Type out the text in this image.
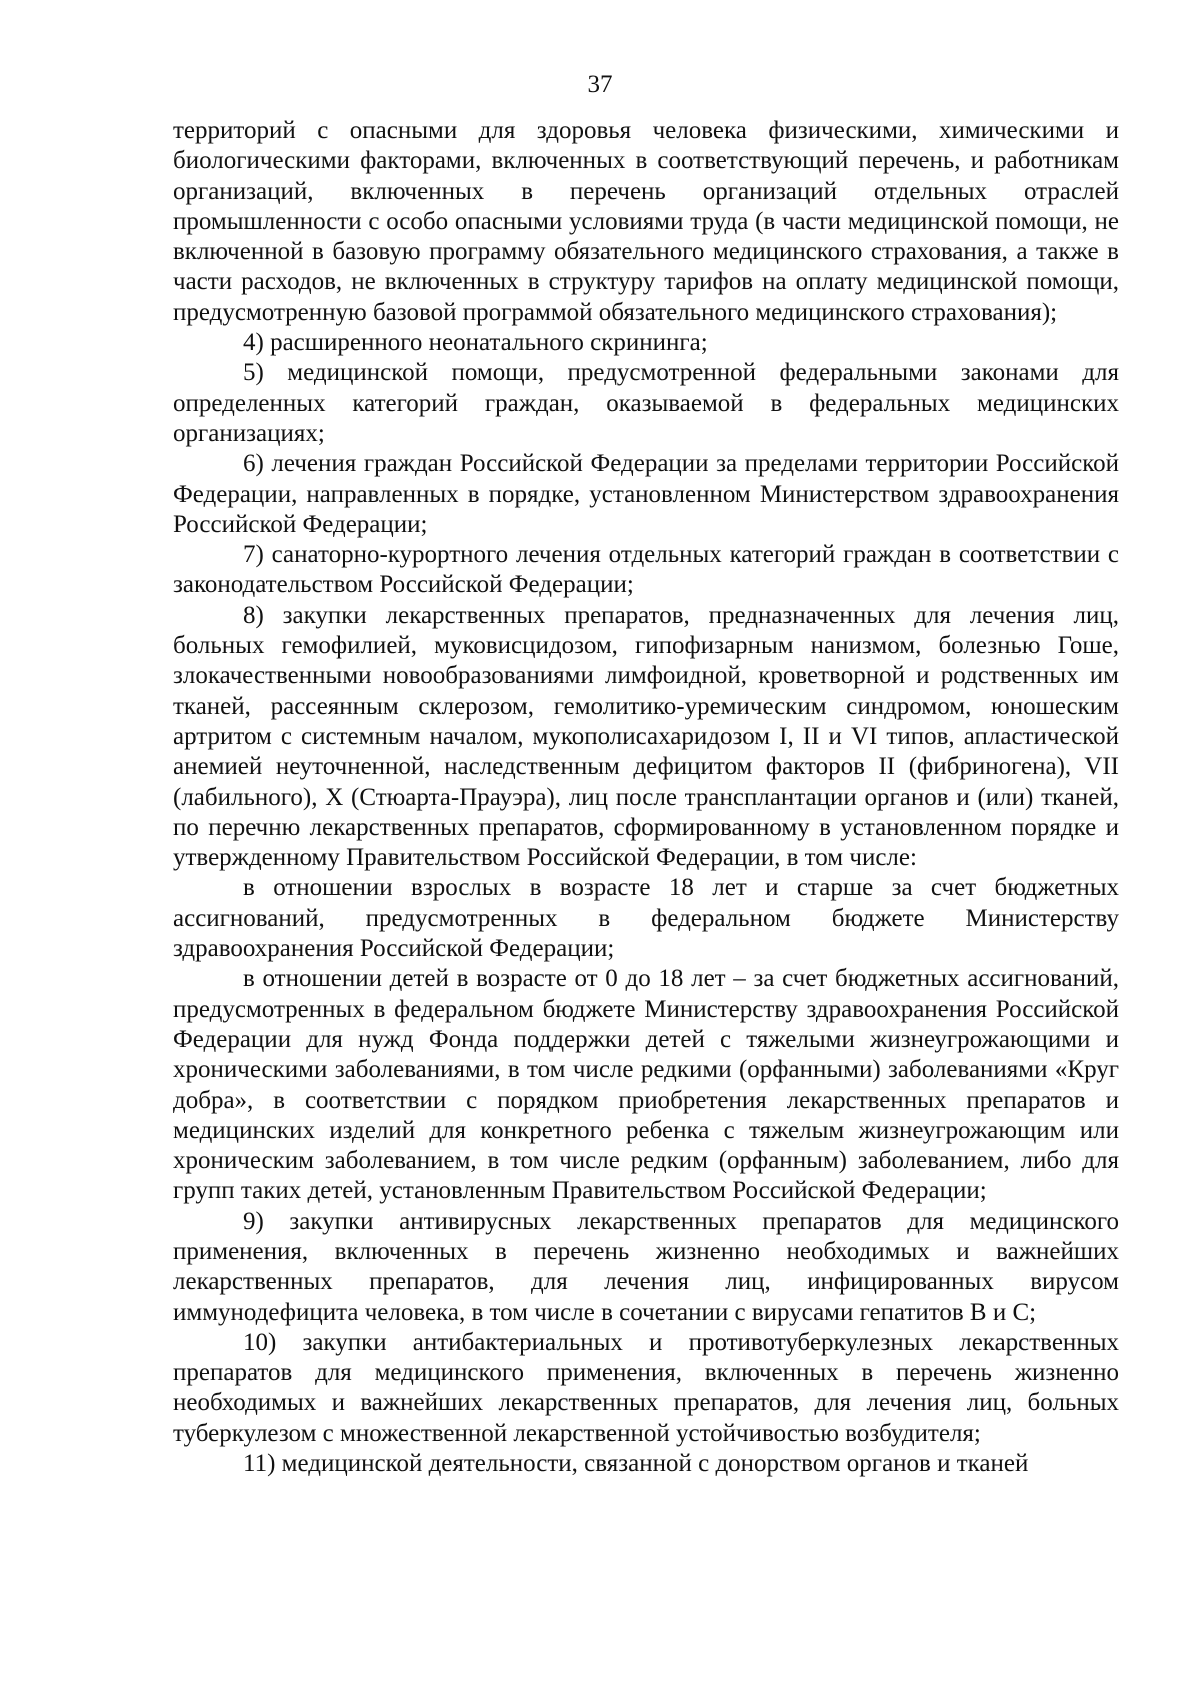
37

территорий с опасными для здоровья человека физическими, химическими и биологическими факторами, включенных в соответствующий перечень, и работникам организаций, включенных в перечень организаций отдельных отраслей промышленности с особо опасными условиями труда (в части медицинской помощи, не включенной в базовую программу обязательного медицинского страхования, а также в части расходов, не включенных в структуру тарифов на оплату медицинской помощи, предусмотренную базовой программой обязательного медицинского страхования);

4) расширенного неонатального скрининга;

5) медицинской помощи, предусмотренной федеральными законами для определенных категорий граждан, оказываемой в федеральных медицинских организациях;

6) лечения граждан Российской Федерации за пределами территории Российской Федерации, направленных в порядке, установленном Министерством здравоохранения Российской Федерации;

7) санаторно-курортного лечения отдельных категорий граждан в соответствии с законодательством Российской Федерации;

8) закупки лекарственных препаратов, предназначенных для лечения лиц, больных гемофилией, муковисцидозом, гипофизарным нанизмом, болезнью Гоше, злокачественными новообразованиями лимфоидной, кроветворной и родственных им тканей, рассеянным склерозом, гемолитико-уремическим синдромом, юношеским артритом с системным началом, мукополисахаридозом I, II и VI типов, апластической анемией неуточненной, наследственным дефицитом факторов II (фибриногена), VII (лабильного), X (Стюарта-Прауэра), лиц после трансплантации органов и (или) тканей, по перечню лекарственных препаратов, сформированному в установленном порядке и утвержденному Правительством Российской Федерации, в том числе:

в отношении взрослых в возрасте 18 лет и старше за счет бюджетных ассигнований, предусмотренных в федеральном бюджете Министерству здравоохранения Российской Федерации;

в отношении детей в возрасте от 0 до 18 лет – за счет бюджетных ассигнований, предусмотренных в федеральном бюджете Министерству здравоохранения Российской Федерации для нужд Фонда поддержки детей с тяжелыми жизнеугрожающими и хроническими заболеваниями, в том числе редкими (орфанными) заболеваниями «Круг добра», в соответствии с порядком приобретения лекарственных препаратов и медицинских изделий для конкретного ребенка с тяжелым жизнеугрожающим или хроническим заболеванием, в том числе редким (орфанным) заболеванием, либо для групп таких детей, установленным Правительством Российской Федерации;

9) закупки антивирусных лекарственных препаратов для медицинского применения, включенных в перечень жизненно необходимых и важнейших лекарственных препаратов, для лечения лиц, инфицированных вирусом иммунодефицита человека, в том числе в сочетании с вирусами гепатитов B и C;

10) закупки антибактериальных и противотуберкулезных лекарственных препаратов для медицинского применения, включенных в перечень жизненно необходимых и важнейших лекарственных препаратов, для лечения лиц, больных туберкулезом с множественной лекарственной устойчивостью возбудителя;

11) медицинской деятельности, связанной с донорством органов и тканей
